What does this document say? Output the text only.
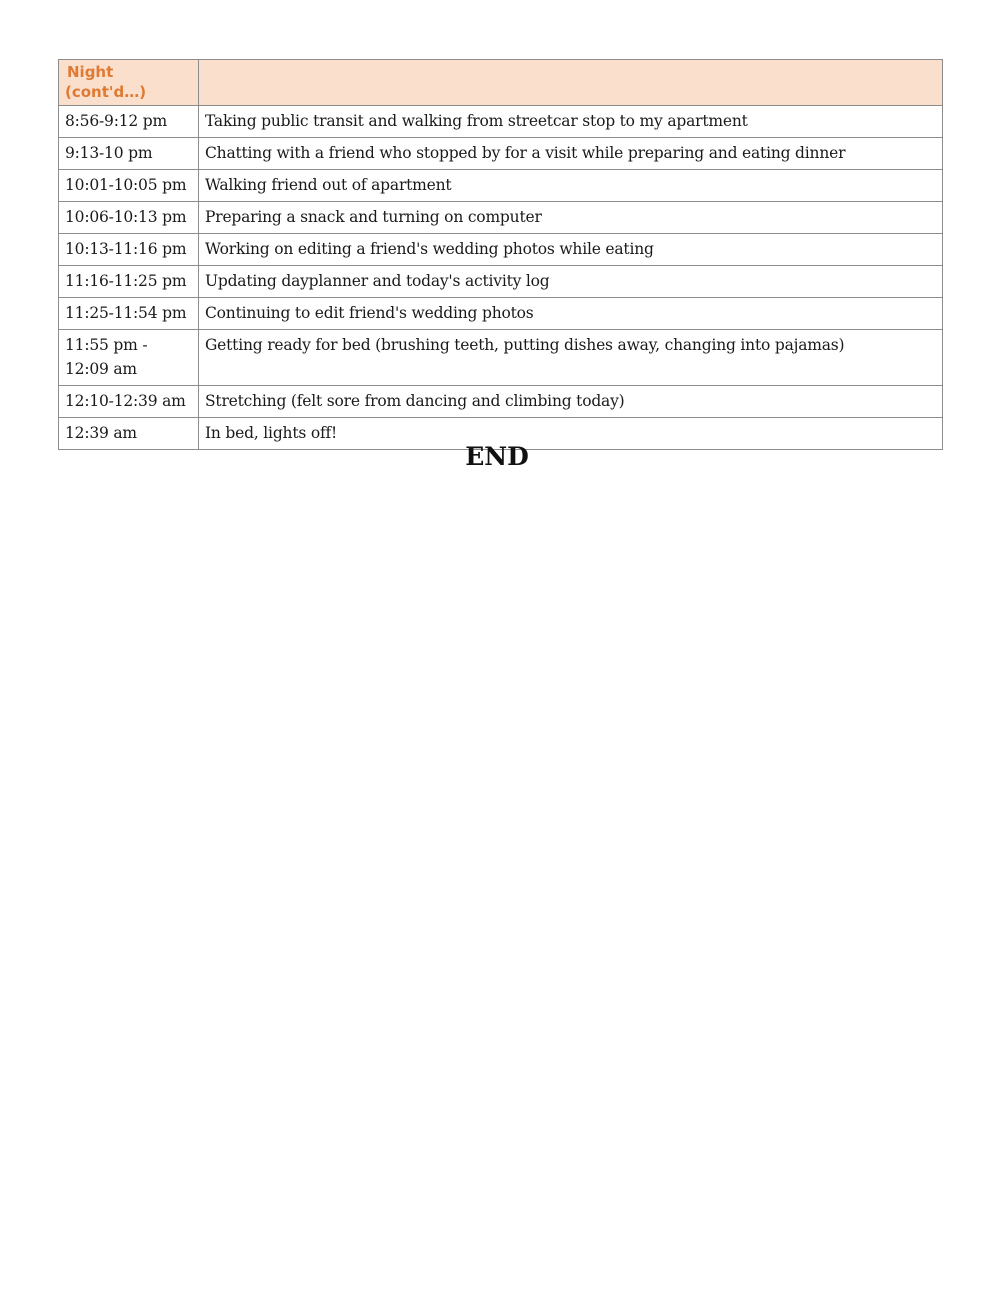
Night (cont'd…)	
8:56-9:12 pm	Taking public transit and walking from streetcar stop to my apartment
9:13-10 pm	Chatting with a friend who stopped by for a visit while preparing and eating dinner
10:01-10:05 pm	Walking friend out of apartment
10:06-10:13 pm	Preparing a snack and turning on computer
10:13-11:16 pm	Working on editing a friend's wedding photos while eating
11:16-11:25 pm	Updating dayplanner and today's activity log
11:25-11:54 pm	Continuing to edit friend's wedding photos
11:55 pm - 12:09 am	Getting ready for bed (brushing teeth, putting dishes away, changing into pajamas)
12:10-12:39 am	Stretching (felt sore from dancing and climbing today)
12:39 am	In bed, lights off!
END
